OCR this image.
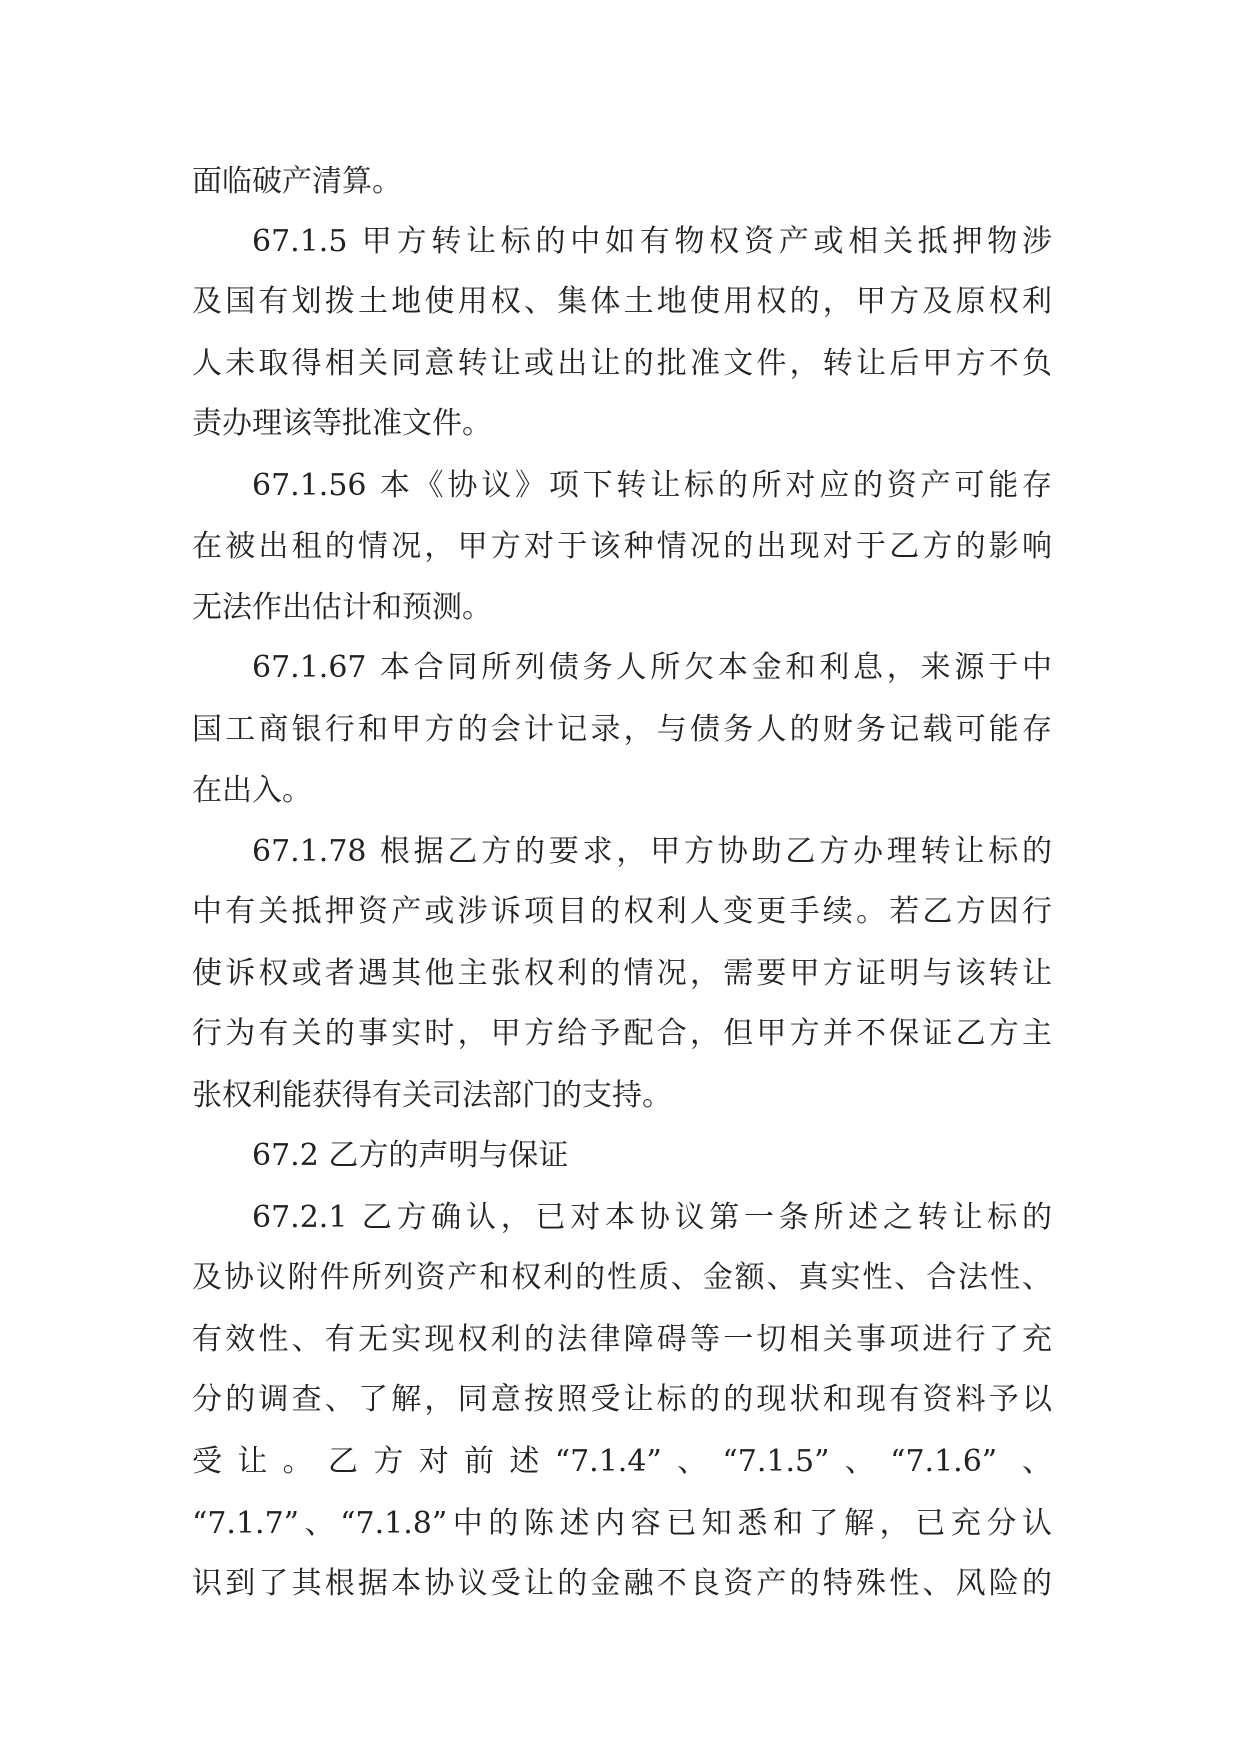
面临破产清算。
67.1.5 甲方转让标的中如有物权资产或相关抵押物涉
及国有划拨土地使用权、集体土地使用权的，甲方及原权利
人未取得相关同意转让或出让的批准文件，转让后甲方不负
责办理该等批准文件。
67.1.56 本《协议》项下转让标的所对应的资产可能存
在被出租的情况，甲方对于该种情况的出现对于乙方的影响
无法作出估计和预测。
67.1.67 本合同所列债务人所欠本金和利息，来源于中
国工商银行和甲方的会计记录，与债务人的财务记载可能存
在出入。
67.1.78 根据乙方的要求，甲方协助乙方办理转让标的
中有关抵押资产或涉诉项目的权利人变更手续。若乙方因行
使诉权或者遇其他主张权利的情况，需要甲方证明与该转让
行为有关的事实时，甲方给予配合，但甲方并不保证乙方主
张权利能获得有关司法部门的支持。
67.2 乙方的声明与保证
67.2.1 乙方确认，已对本协议第一条所述之转让标的
及协议附件所列资产和权利的性质、金额、真实性、合法性、
有效性、有无实现权利的法律障碍等一切相关事项进行了充
分的调查、了解，同意按照受让标的的现状和现有资料予以
受让。乙方对前述“7.1.4”、“7.1.5”、“7.1.6” 、
“7.1.7”、“7.1.8”中的陈述内容已知悉和了解，已充分认
识到了其根据本协议受让的金融不良资产的特殊性、风险的
